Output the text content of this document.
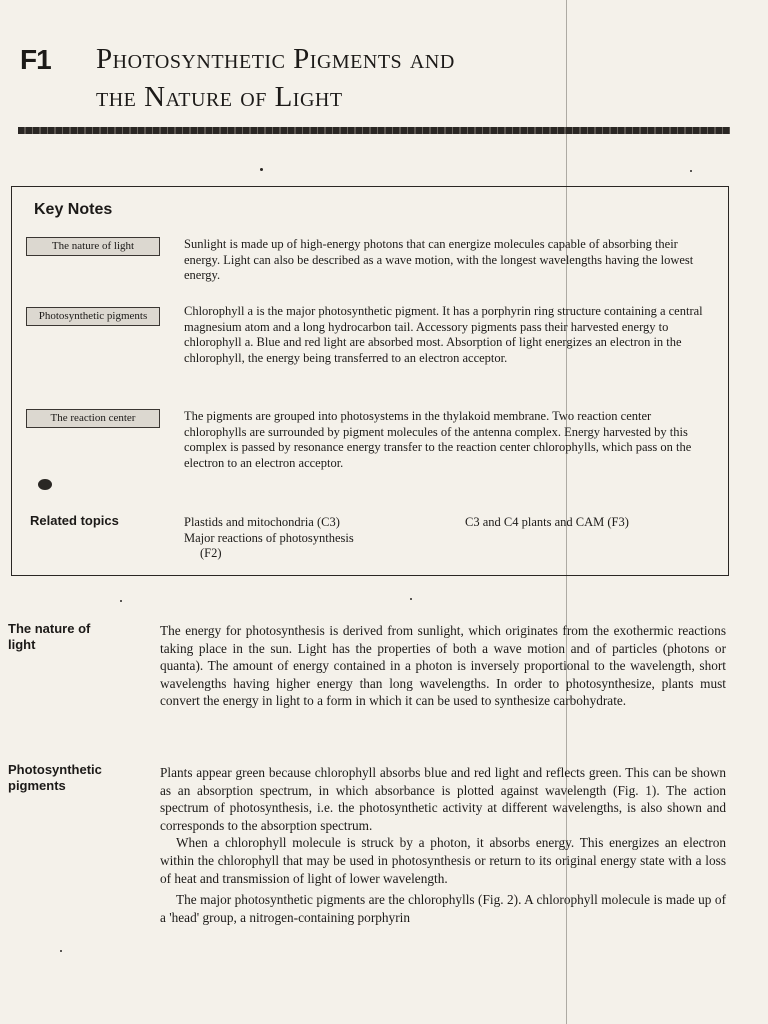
F1 Photosynthetic Pigments and
the Nature of Light
Key Notes
The nature of light	Sunlight is made up of high-energy photons that can energize molecules capable of absorbing their energy. Light can also be described as a wave motion, with the longest wavelengths having the lowest energy.
Photosynthetic pigments	Chlorophyll a is the major photosynthetic pigment. It has a porphyrin ring structure containing a central magnesium atom and a long hydrocarbon tail. Accessory pigments pass their harvested energy to chlorophyll a. Blue and red light are absorbed most. Absorption of light energizes an electron in the chlorophyll, the energy being transferred to an electron acceptor.
The reaction center	The pigments are grouped into photosystems in the thylakoid membrane. Two reaction center chlorophylls are surrounded by pigment molecules of the antenna complex. Energy harvested by this complex is passed by resonance energy transfer to the reaction center chlorophylls, which pass on the electron to an electron acceptor.
Related topics	Plastids and mitochondria (C3)
Major reactions of photosynthesis
(F2)
C3 and C4 plants and CAM (F3)
The nature of
light

The energy for photosynthesis is derived from sunlight, which originates from the exothermic reactions taking place in the sun. Light has the properties of both a wave motion and of particles (photons or quanta). The amount of energy contained in a photon is inversely proportional to the wavelength, short wavelengths having higher energy than long wavelengths. In order to photosynthesize, plants must convert the energy in light to a form in which it can be used to synthesize carbohydrate.

Photosynthetic
pigments

Plants appear green because chlorophyll absorbs blue and red light and reflects green. This can be shown as an absorption spectrum, in which absorbance is plotted against wavelength (Fig. 1). The action spectrum of photosynthesis, i.e. the photosynthetic activity at different wavelengths, is also shown and corresponds to the absorption spectrum.

When a chlorophyll molecule is struck by a photon, it absorbs energy. This energizes an electron within the chlorophyll that may be used in photosynthesis or return to its original energy state with a loss of heat and transmission of light of lower wavelength.

The major photosynthetic pigments are the chlorophylls (Fig. 2). A chlorophyll molecule is made up of a 'head' group, a nitrogen-containing porphyrin
